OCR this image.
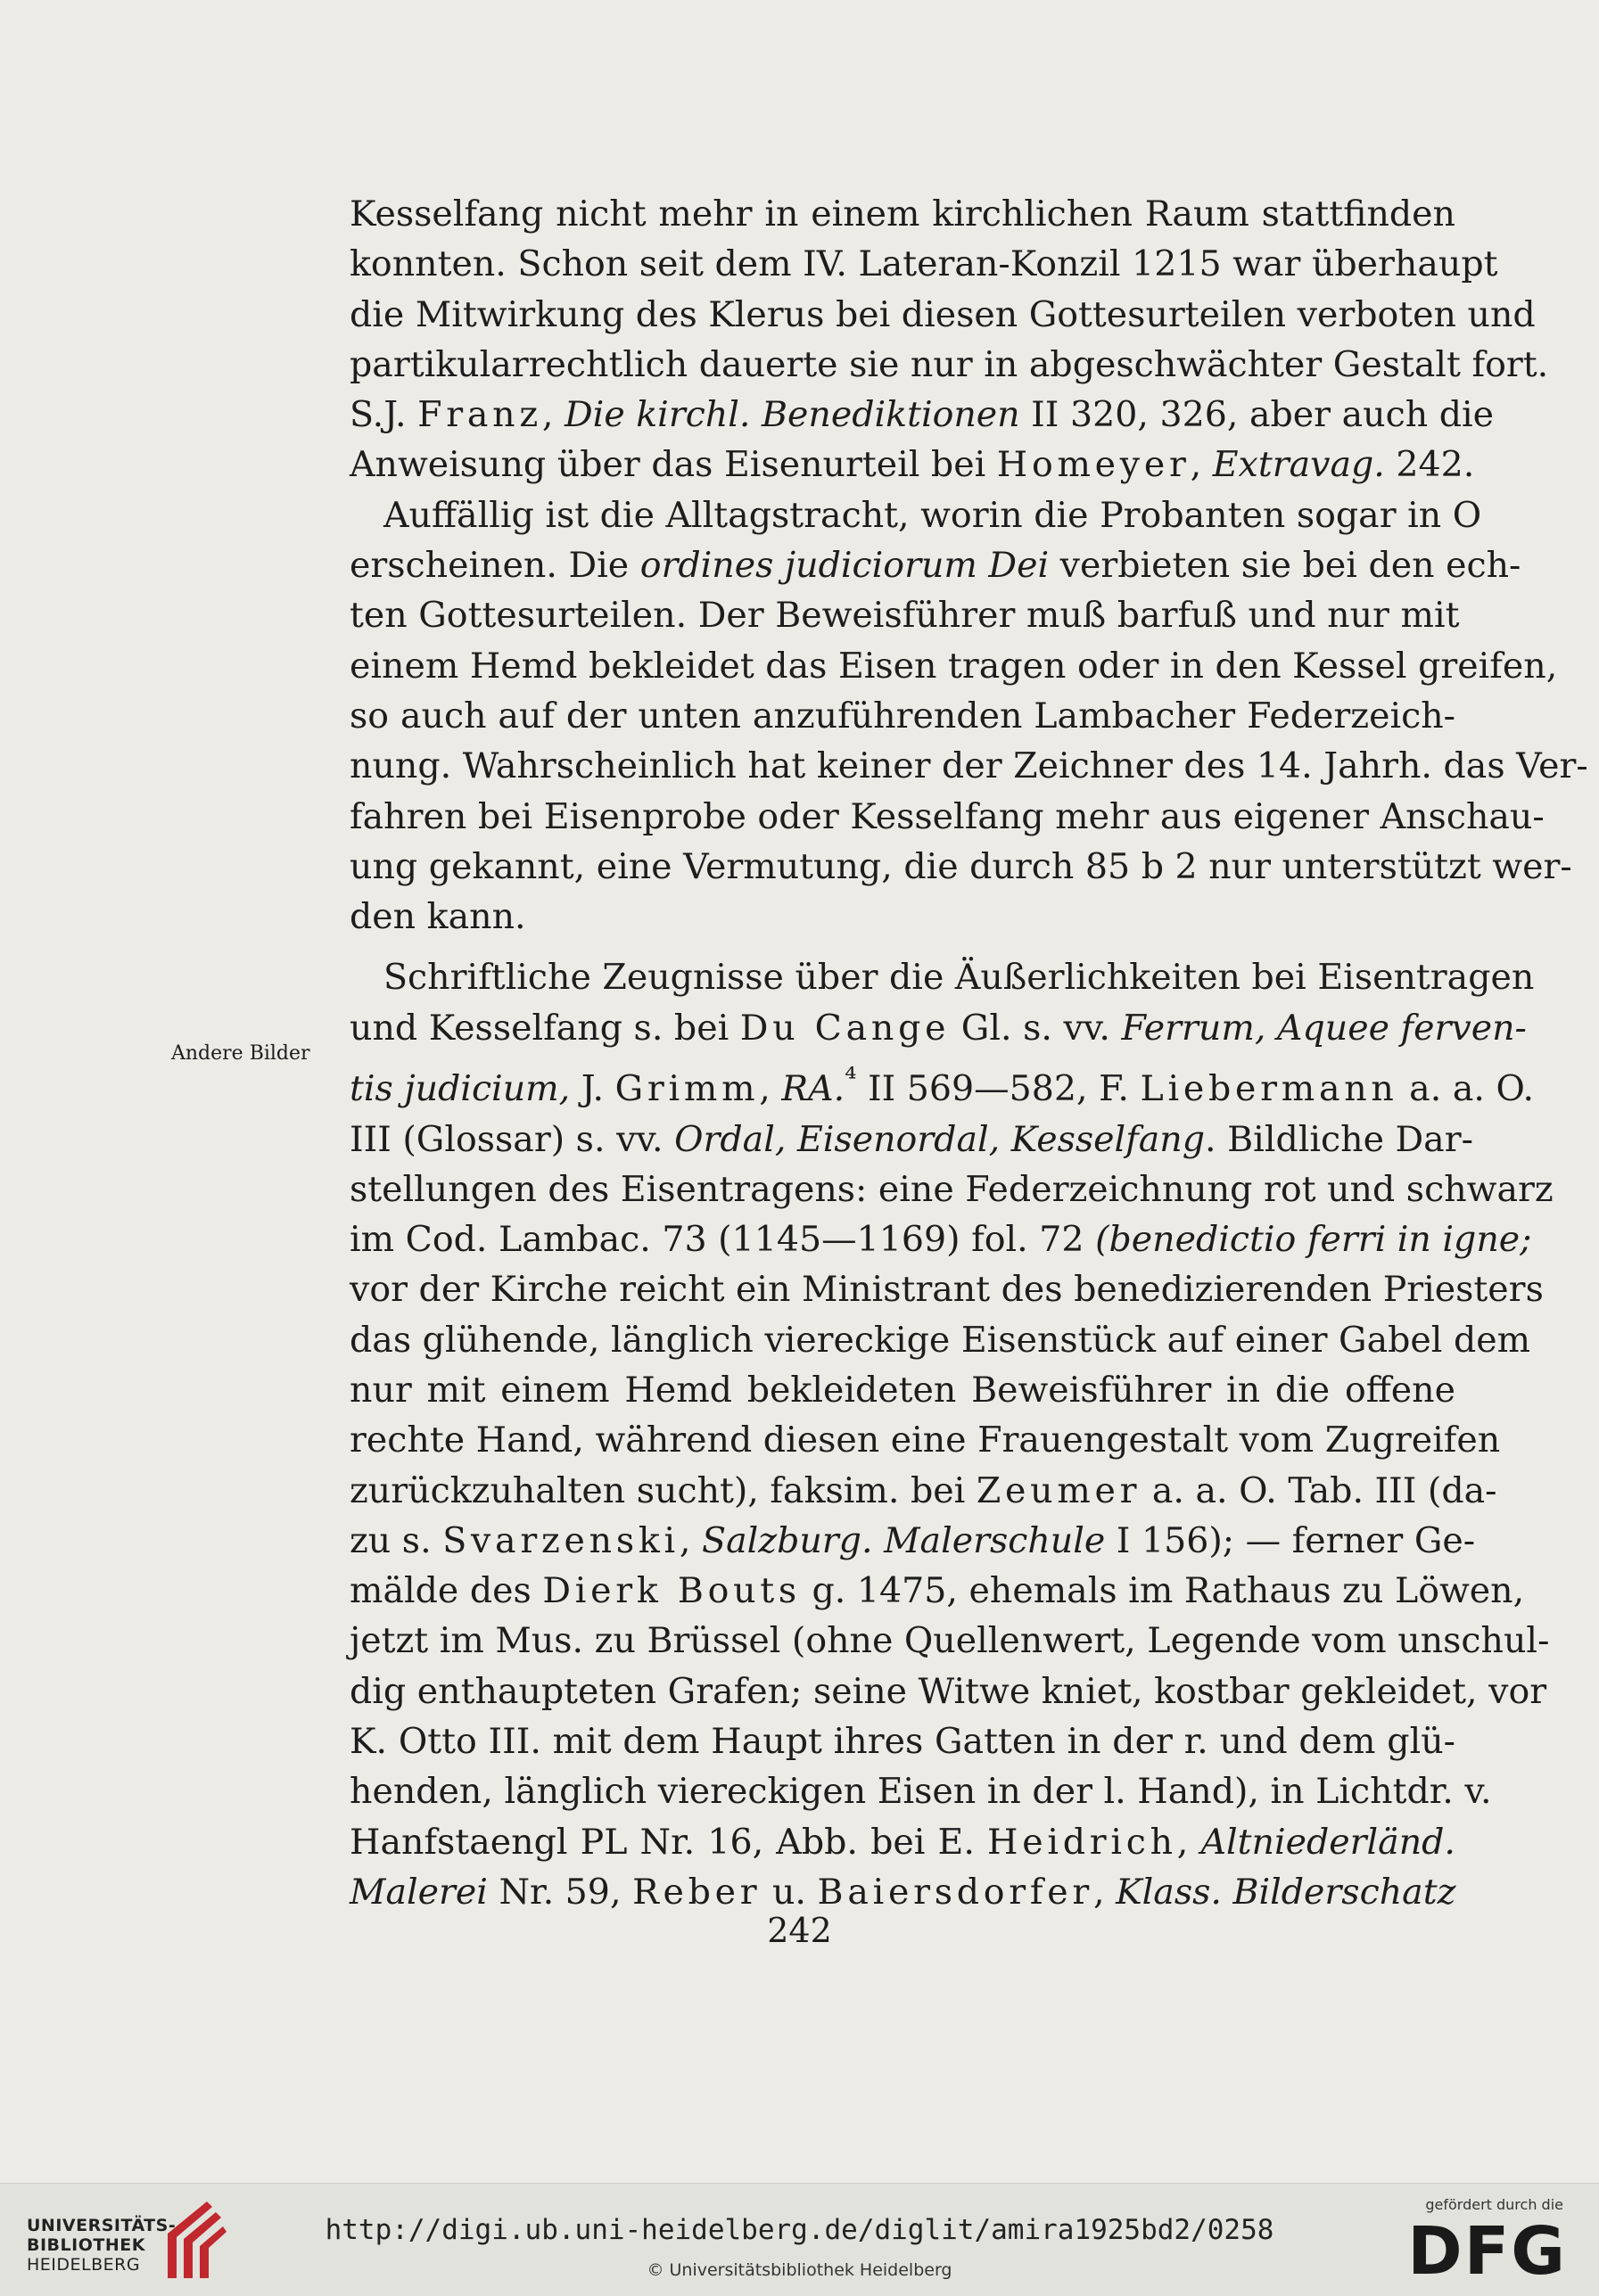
Kesselfang nicht mehr in einem kirchlichen Raum stattfinden
konnten. Schon seit dem IV. Lateran-Konzil 1215 war überhaupt
die Mitwirkung des Klerus bei diesen Gottesurteilen verboten und
partikularrechtlich dauerte sie nur in abgeschwächter Gestalt fort.
S.J. Franz, Die kirchl. Benediktionen II 320, 326, aber auch die
Anweisung über das Eisenurteil bei Homeyer, Extravag. 242.
Auffällig ist die Alltagstracht, worin die Probanten sogar in O
erscheinen. Die ordines judiciorum Dei verbieten sie bei den ech-
ten Gottesurteilen. Der Beweisführer muß barfuß und nur mit
einem Hemd bekleidet das Eisen tragen oder in den Kessel greifen,
so auch auf der unten anzuführenden Lambacher Federzeich-
nung. Wahrscheinlich hat keiner der Zeichner des 14. Jahrh. das Ver-
fahren bei Eisenprobe oder Kesselfang mehr aus eigener Anschau-
ung gekannt, eine Vermutung, die durch 85 b 2 nur unterstützt wer-
den kann.
Schriftliche Zeugnisse über die Äußerlichkeiten bei Eisentragen
und Kesselfang s. bei Du Cange Gl. s. vv. Ferrum, Aquee ferven-
tis judicium, J. Grimm, RA.$^{^4}$ II 569—582, F. Liebermann a. a. O.
III (Glossar) s. vv. Ordal, Eisenordal, Kesselfang. Bildliche Dar-
stellungen des Eisentragens: eine Federzeichnung rot und schwarz
im Cod. Lambac. 73 (1145—1169) fol. 72 (benedictio ferri in igne;
vor der Kirche reicht ein Ministrant des benedizierenden Priesters
das glühende, länglich viereckige Eisenstück auf einer Gabel dem
nur mit einem Hemd bekleideten Beweisführer in die offene
rechte Hand, während diesen eine Frauengestalt vom Zugreifen
zurückzuhalten sucht), faksim. bei Zeumer a. a. O. Tab. III (da-
zu s. Svarzenski, Salzburg. Malerschule I 156); — ferner Ge-
mälde des Dierk Bouts g. 1475, ehemals im Rathaus zu Löwen,
jetzt im Mus. zu Brüssel (ohne Quellenwert, Legende vom unschul-
dig enthaupteten Grafen; seine Witwe kniet, kostbar gekleidet, vor
K. Otto III. mit dem Haupt ihres Gatten in der r. und dem glü-
henden, länglich viereckigen Eisen in der l. Hand), in Lichtdr. v.
Hanfstaengl PL Nr. 16, Abb. bei E. Heidrich, Altniederländ.
Malerei Nr. 59, Reber u. Baiersdorfer, Klass. Bilderschatz
Andere Bilder
242
UNIVERSITÄTS-
BIBLIOTHEK
HEIDELBERG
http://digi.ub.uni-heidelberg.de/diglit/amira1925bd2/0258
© Universitätsbibliothek Heidelberg
gefördert durch die
DFG
